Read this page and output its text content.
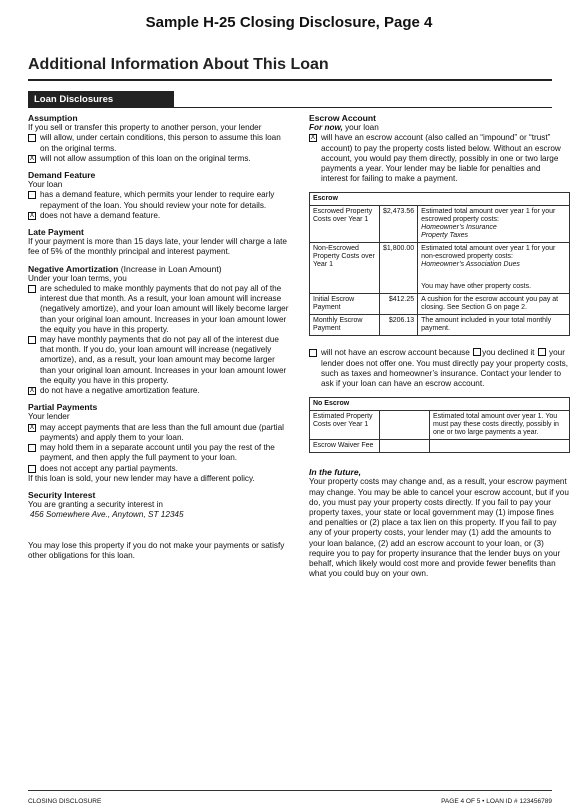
Sample H-25 Closing Disclosure, Page 4
Additional Information About This Loan
Loan Disclosures
Assumption
If you sell or transfer this property to another person, your lender
will allow, under certain conditions, this person to assume this loan on the original terms.
X will not allow assumption of this loan on the original terms.
Demand Feature
Your loan
has a demand feature, which permits your lender to require early repayment of the loan. You should review your note for details.
X does not have a demand feature.
Late Payment
If your payment is more than 15 days late, your lender will charge a late fee of 5% of the monthly principal and interest payment.
Negative Amortization (Increase in Loan Amount)
Under your loan terms, you
are scheduled to make monthly payments that do not pay all of the interest due that month. As a result, your loan amount will increase (negatively amortize), and your loan amount will likely become larger than your original loan amount. Increases in your loan amount lower the equity you have in this property.
may have monthly payments that do not pay all of the interest due that month. If you do, your loan amount will increase (negatively amortize), and, as a result, your loan amount may become larger than your original loan amount. Increases in your loan amount lower the equity you have in this property.
X do not have a negative amortization feature.
Partial Payments
Your lender
X may accept payments that are less than the full amount due (partial payments) and apply them to your loan.
may hold them in a separate account until you pay the rest of the payment, and then apply the full payment to your loan.
does not accept any partial payments.
If this loan is sold, your new lender may have a different policy.
Security Interest
You are granting a security interest in
456 Somewhere Ave., Anytown, ST 12345
You may lose this property if you do not make your payments or satisfy other obligations for this loan.
Escrow Account
For now, your loan
X will have an escrow account (also called an “impound” or “trust” account) to pay the property costs listed below. Without an escrow account, you would pay them directly, possibly in one or two large payments a year. Your lender may be liable for penalties and interest for failing to make a payment.
Escrow		
Escrowed Property Costs over Year 1	$2,473.56	Estimated total amount over year 1 for your escrowed property costs:
Homeowner’s Insurance
Property Taxes
Non-Escrowed Property Costs over Year 1	$1,800.00	Estimated total amount over year 1 for your non-escrowed property costs:
Homeowner’s Association Dues
You may have other property costs.
Initial Escrow Payment	$412.25	A cushion for the escrow account you pay at closing. See Section G on page 2.
Monthly Escrow Payment	$206.13	The amount included in your total monthly payment.
will not have an escrow account because you declined it your lender does not offer one. You must directly pay your property costs, such as taxes and homeowner’s insurance. Contact your lender to ask if your loan can have an escrow account.
No Escrow		
Estimated Property Costs over Year 1		Estimated total amount over year 1. You must pay these costs directly, possibly in one or two large payments a year.
Escrow Waiver Fee		
In the future,
Your property costs may change and, as a result, your escrow payment may change. You may be able to cancel your escrow account, but if you do, you must pay your property costs directly. If you fail to pay your property taxes, your state or local government may (1) impose fines and penalties or (2) place a tax lien on this property. If you fail to pay any of your property costs, your lender may (1) add the amounts to your loan balance, (2) add an escrow account to your loan, or (3) require you to pay for property insurance that the lender buys on your behalf, which likely would cost more and provide fewer benefits than what you could buy on your own.
CLOSING DISCLOSURE	PAGE 4 OF 5 • LOAN ID # 123456789
